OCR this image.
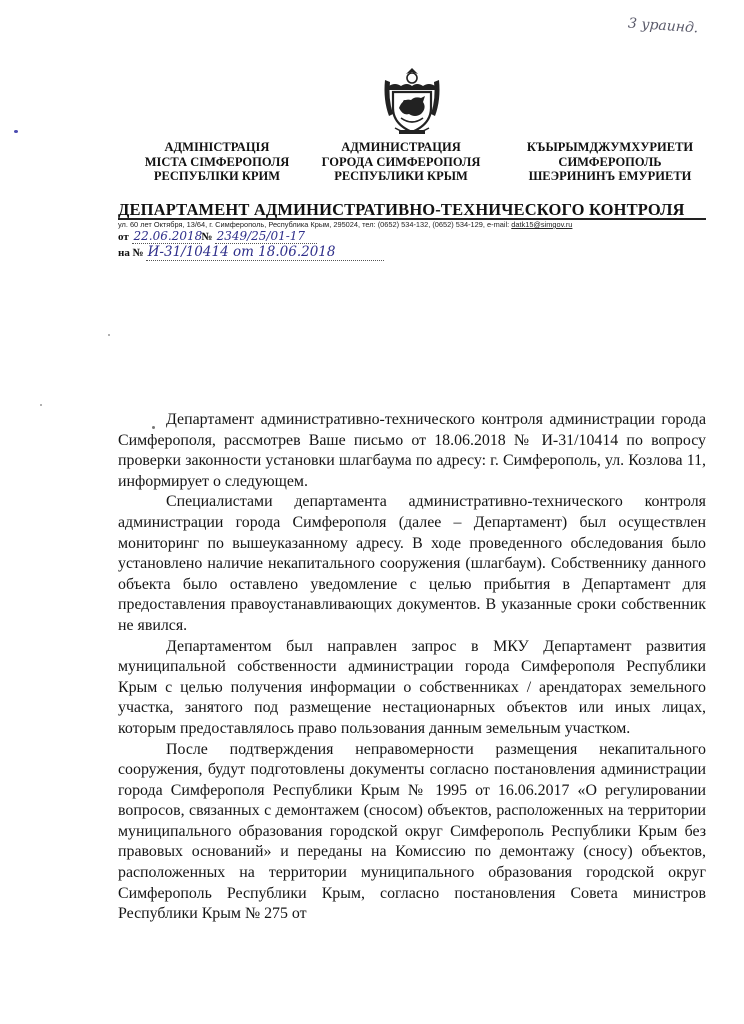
3 ураинд.
АДМІНІСТРАЦІЯ
МІСТА СІМФЕРОПОЛЯ
РЕСПУБЛІКИ КРИМ
АДМИНИСТРАЦИЯ
ГОРОДА СИМФЕРОПОЛЯ
РЕСПУБЛИКИ КРЫМ
КЪЫРЫМДЖУМХУРИЕТИ
СИМФЕРОПОЛЬ
ШЕЭРИНИНЪ ЕМУРИЕТИ
ДЕПАРТАМЕНТ АДМИНИСТРАТИВНО-ТЕХНИЧЕСКОГО КОНТРОЛЯ
ул. 60 лет Октября, 13/64, г. Симферополь, Республика Крым, 295024, тел: (0652) 534-132, (0652) 534-129, e-mail: datk15@simgov.ru
от 22.06.2018№ 2349/25/01-17
на № И-31/10414 от 18.06.2018

Департамент административно-технического контроля администрации города Симферополя, рассмотрев Ваше письмо от 18.06.2018 № И-31/10414 по вопросу проверки законности установки шлагбаума по адресу: г. Симферополь, ул. Козлова 11, информирует о следующем.

Специалистами департамента административно-технического контроля администрации города Симферополя (далее – Департамент) был осуществлен мониторинг по вышеуказанному адресу. В ходе проведенного обследования было установлено наличие некапитального сооружения (шлагбаум). Собственнику данного объекта было оставлено уведомление с целью прибытия в Департамент для предоставления правоустанавливающих документов. В указанные сроки собственник не явился.

Департаментом был направлен запрос в МКУ Департамент развития муниципальной собственности администрации города Симферополя Республики Крым с целью получения информации о собственниках / арендаторах земельного участка, занятого под размещение нестационарных объектов или иных лицах, которым предоставлялось право пользования данным земельным участком.

После подтверждения неправомерности размещения некапитального сооружения, будут подготовлены документы согласно постановления администрации города Симферополя Республики Крым № 1995 от 16.06.2017 «О регулировании вопросов, связанных с демонтажем (сносом) объектов, расположенных на территории муниципального образования городской округ Симферополь Республики Крым без правовых оснований» и переданы на Комиссию по демонтажу (сносу) объектов, расположенных на территории муниципального образования городской округ Симферополь Республики Крым, согласно постановления Совета министров Республики Крым № 275 от
